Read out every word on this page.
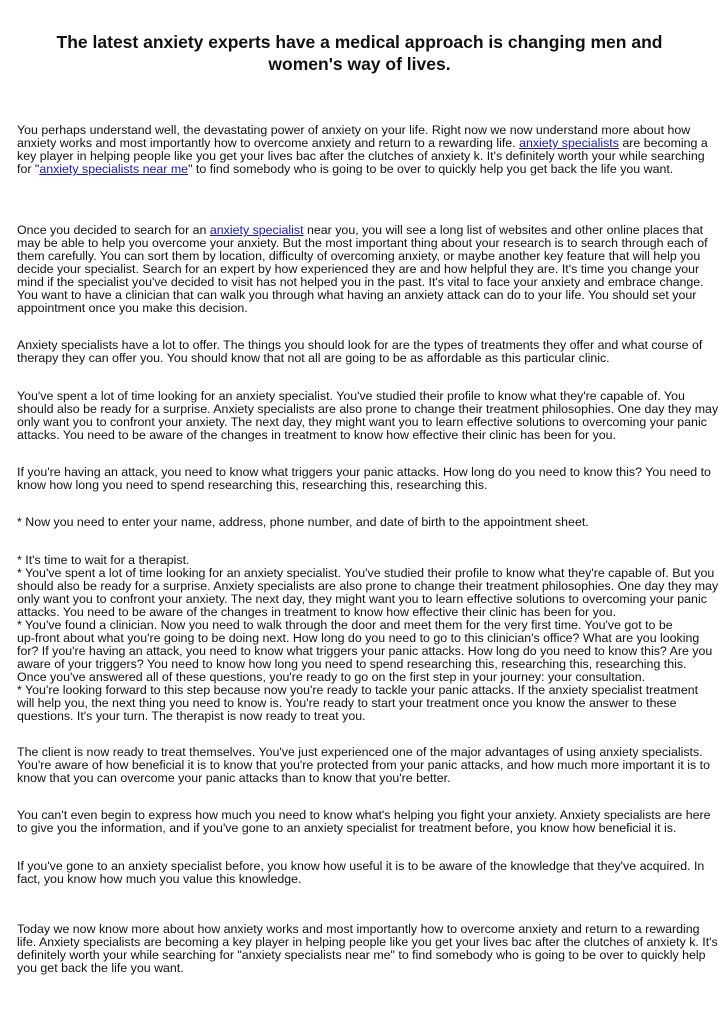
The latest anxiety experts have a medical approach is changing men and
women's way of lives.

You perhaps understand well, the devastating power of anxiety on your life. Right now we now understand more about how
anxiety works and most importantly how to overcome anxiety and return to a rewarding life. anxiety specialists are becoming a
key player in helping people like you get your lives bac after the clutches of anxiety k. It's definitely worth your while searching
for "anxiety specialists near me" to find somebody who is going to be over to quickly help you get back the life you want.

Once you decided to search for an anxiety specialist near you, you will see a long list of websites and other online places that
may be able to help you overcome your anxiety. But the most important thing about your research is to search through each of
them carefully. You can sort them by location, difficulty of overcoming anxiety, or maybe another key feature that will help you
decide your specialist. Search for an expert by how experienced they are and how helpful they are. It's time you change your
mind if the specialist you've decided to visit has not helped you in the past. It's vital to face your anxiety and embrace change.
You want to have a clinician that can walk you through what having an anxiety attack can do to your life. You should set your
appointment once you make this decision.

Anxiety specialists have a lot to offer. The things you should look for are the types of treatments they offer and what course of
therapy they can offer you. You should know that not all are going to be as affordable as this particular clinic.

You've spent a lot of time looking for an anxiety specialist. You've studied their profile to know what they're capable of. You
should also be ready for a surprise. Anxiety specialists are also prone to change their treatment philosophies. One day they may
only want you to confront your anxiety. The next day, they might want you to learn effective solutions to overcoming your panic
attacks. You need to be aware of the changes in treatment to know how effective their clinic has been for you.

If you're having an attack, you need to know what triggers your panic attacks. How long do you need to know this? You need to
know how long you need to spend researching this, researching this, researching this.

* Now you need to enter your name, address, phone number, and date of birth to the appointment sheet.

* It's time to wait for a therapist.
* You've spent a lot of time looking for an anxiety specialist. You've studied their profile to know what they're capable of. But you
should also be ready for a surprise. Anxiety specialists are also prone to change their treatment philosophies. One day they may
only want you to confront your anxiety. The next day, they might want you to learn effective solutions to overcoming your panic
attacks. You need to be aware of the changes in treatment to know how effective their clinic has been for you.
* You've found a clinician. Now you need to walk through the door and meet them for the very first time. You've got to be
up-front about what you're going to be doing next. How long do you need to go to this clinician's office? What are you looking
for? If you're having an attack, you need to know what triggers your panic attacks. How long do you need to know this? Are you
aware of your triggers? You need to know how long you need to spend researching this, researching this, researching this.
Once you've answered all of these questions, you're ready to go on the first step in your journey: your consultation.
* You're looking forward to this step because now you're ready to tackle your panic attacks. If the anxiety specialist treatment
will help you, the next thing you need to know is. You're ready to start your treatment once you know the answer to these
questions. It's your turn. The therapist is now ready to treat you.

The client is now ready to treat themselves. You've just experienced one of the major advantages of using anxiety specialists.
You're aware of how beneficial it is to know that you're protected from your panic attacks, and how much more important it is to
know that you can overcome your panic attacks than to know that you're better.

You can't even begin to express how much you need to know what's helping you fight your anxiety. Anxiety specialists are here
to give you the information, and if you've gone to an anxiety specialist for treatment before, you know how beneficial it is.

If you've gone to an anxiety specialist before, you know how useful it is to be aware of the knowledge that they've acquired. In
fact, you know how much you value this knowledge.

Today we now know more about how anxiety works and most importantly how to overcome anxiety and return to a rewarding
life. Anxiety specialists are becoming a key player in helping people like you get your lives bac after the clutches of anxiety k. It's
definitely worth your while searching for "anxiety specialists near me" to find somebody who is going to be over to quickly help
you get back the life you want.
